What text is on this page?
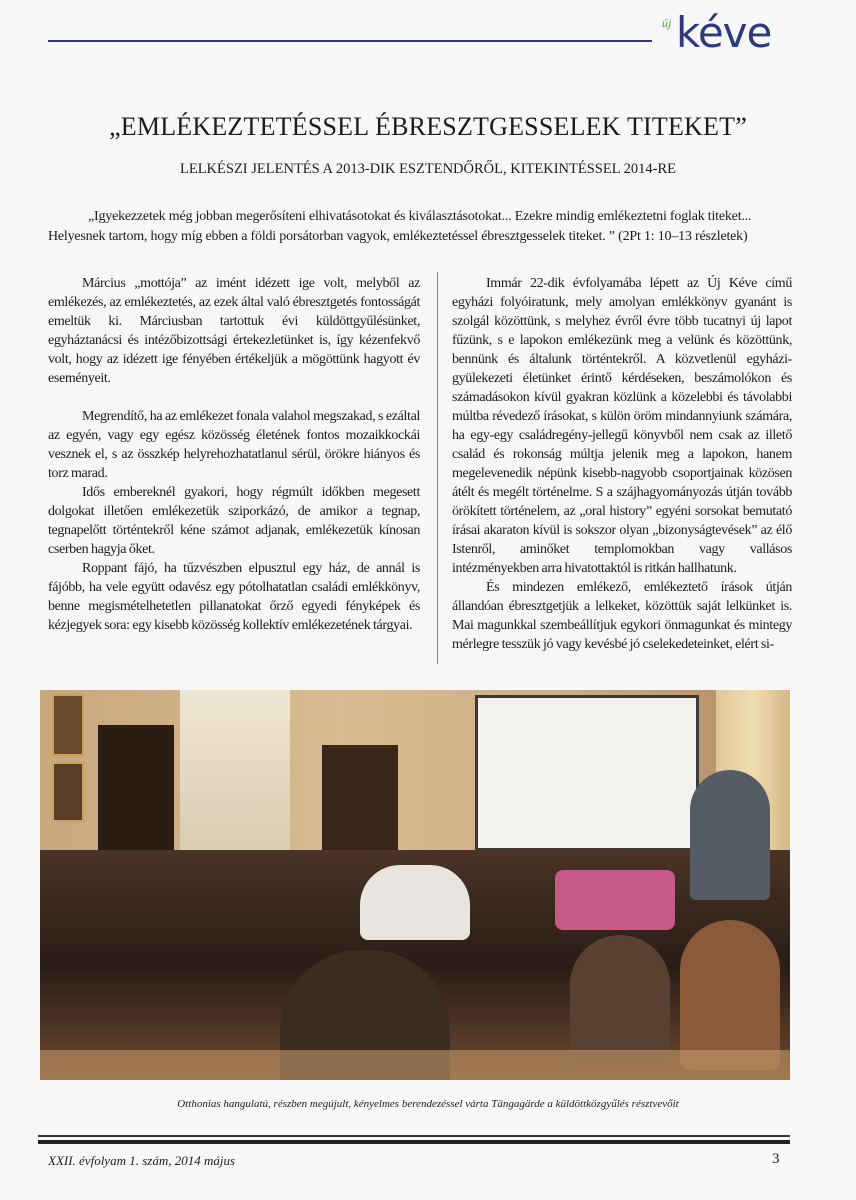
új kéve
„EMLÉKEZTETÉSSEL ÉBRESZTGESSELEK TITEKET”
LELKÉSZI JELENTÉS A 2013-DIK ESZTENDŐRŐL, KITEKINTÉSSEL 2014-RE

„Igyekezzetek még jobban megerősíteni elhivatásotokat és kiválasztásotokat... Ezekre mindig emlékeztetni foglak titeket...

Helyesnek tartom, hogy míg ebben a földi porsátorban vagyok, emlékeztetéssel ébresztgesselek titeket. ” (2Pt 1: 10–13 részletek)

Március „mottója” az imént idézett ige volt, melyből az emlékezés, az emlékeztetés, az ezek által való ébresztgetés fontosságát emeltük ki. Márciusban tartottuk évi küldöttgyűlésünket, egyháztanácsi és intézőbizottsági értekezletünket is, így kézenfekvő volt, hogy az idézett ige fényében értékeljük a mögöttünk hagyott év eseményeit.

Megrendítő, ha az emlékezet fonala valahol megszakad, s ezáltal az egyén, vagy egy egész közösség életének fontos mozaikkockái vesznek el, s az összkép helyrehozhatatlanul sérül, örökre hiányos és torz marad.

Idős embereknél gyakori, hogy régmúlt időkben megesett dolgokat illetően emlékezetük sziporkázó, de amikor a tegnap, tegnapelőtt történtekről kéne számot adjanak, emlékezetük kínosan cserben hagyja őket.

Roppant fájó, ha tűzvészben elpusztul egy ház, de annál is fájóbb, ha vele együtt odavész egy pótolhatatlan családi emlékkönyv, benne megismételhetetlen pillanatokat őrző egyedi fényképek és kézjegyek sora: egy kisebb közösség kollektív emlékezetének tárgyai.

Immár 22-dik évfolyamába lépett az Új Kéve című egyházi folyóiratunk, mely amolyan emlékkönyv gyanánt is szolgál közöttünk, s melyhez évről évre több tucatnyi új lapot fűzünk, s e lapokon emlékezünk meg a velünk és közöttünk, bennünk és általunk történtekről. A közvetlenül egyházi-gyülekezeti életünket érintő kérdéseken, beszámolókon és számadásokon kívül gyakran közlünk a közelebbi és távolabbi múltba révedező írásokat, s külön öröm mindannyiunk számára, ha egy-egy családregény-jellegű könyvből nem csak az illető család és rokonság múltja jelenik meg a lapokon, hanem megelevenedik népünk kisebb-nagyobb csoportjainak közösen átélt és megélt történelme. S a szájhagyományozás útján tovább örökített történelem, az „oral history” egyéni sorsokat bemutató írásai akaraton kívül is sokszor olyan „bizonyságtevések” az élő Istenről, aminőket templomokban vagy vallásos intézményekben arra hivatottaktól is ritkán hallhatunk.

És mindezen emlékező, emlékeztető írások útján állandóan ébresztgetjük a lelkeket, közöttük saját lelkünket is. Mai magunkkal szembeállítjuk egykori önmagunkat és mintegy mérlegre tesszük jó vagy kevésbé jó cselekedeteinket, elért si-

Otthonias hangulatú, részben megújult, kényelmes berendezéssel várta Tängagärde a küldöttközgyűlés résztvevőit
XXII. évfolyam 1. szám, 2014 május	3
